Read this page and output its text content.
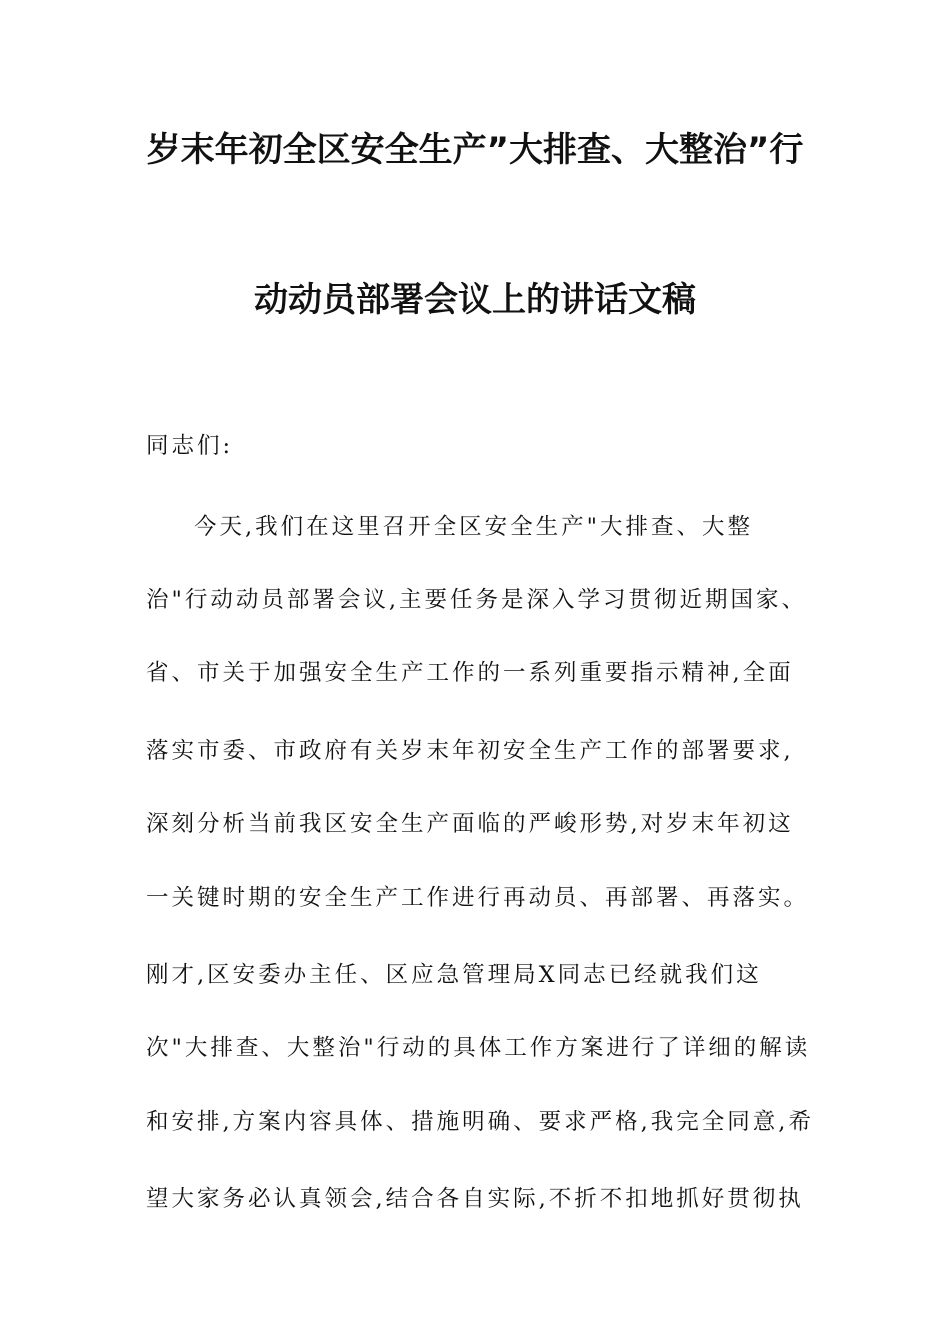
岁末年初全区安全生产”大排查、大整治”行
动动员部署会议上的讲话文稿

同志们:

今天,我们在这里召开全区安全生产"大排查、大整

治"行动动员部署会议,主要任务是深入学习贯彻近期国家、

省、市关于加强安全生产工作的一系列重要指示精神,全面

落实市委、市政府有关岁末年初安全生产工作的部署要求,

深刻分析当前我区安全生产面临的严峻形势,对岁末年初这

一关键时期的安全生产工作进行再动员、再部署、再落实。

刚才,区安委办主任、区应急管理局X同志已经就我们这

次"大排查、大整治"行动的具体工作方案进行了详细的解读

和安排,方案内容具体、措施明确、要求严格,我完全同意,希

望大家务必认真领会,结合各自实际,不折不扣地抓好贯彻执
